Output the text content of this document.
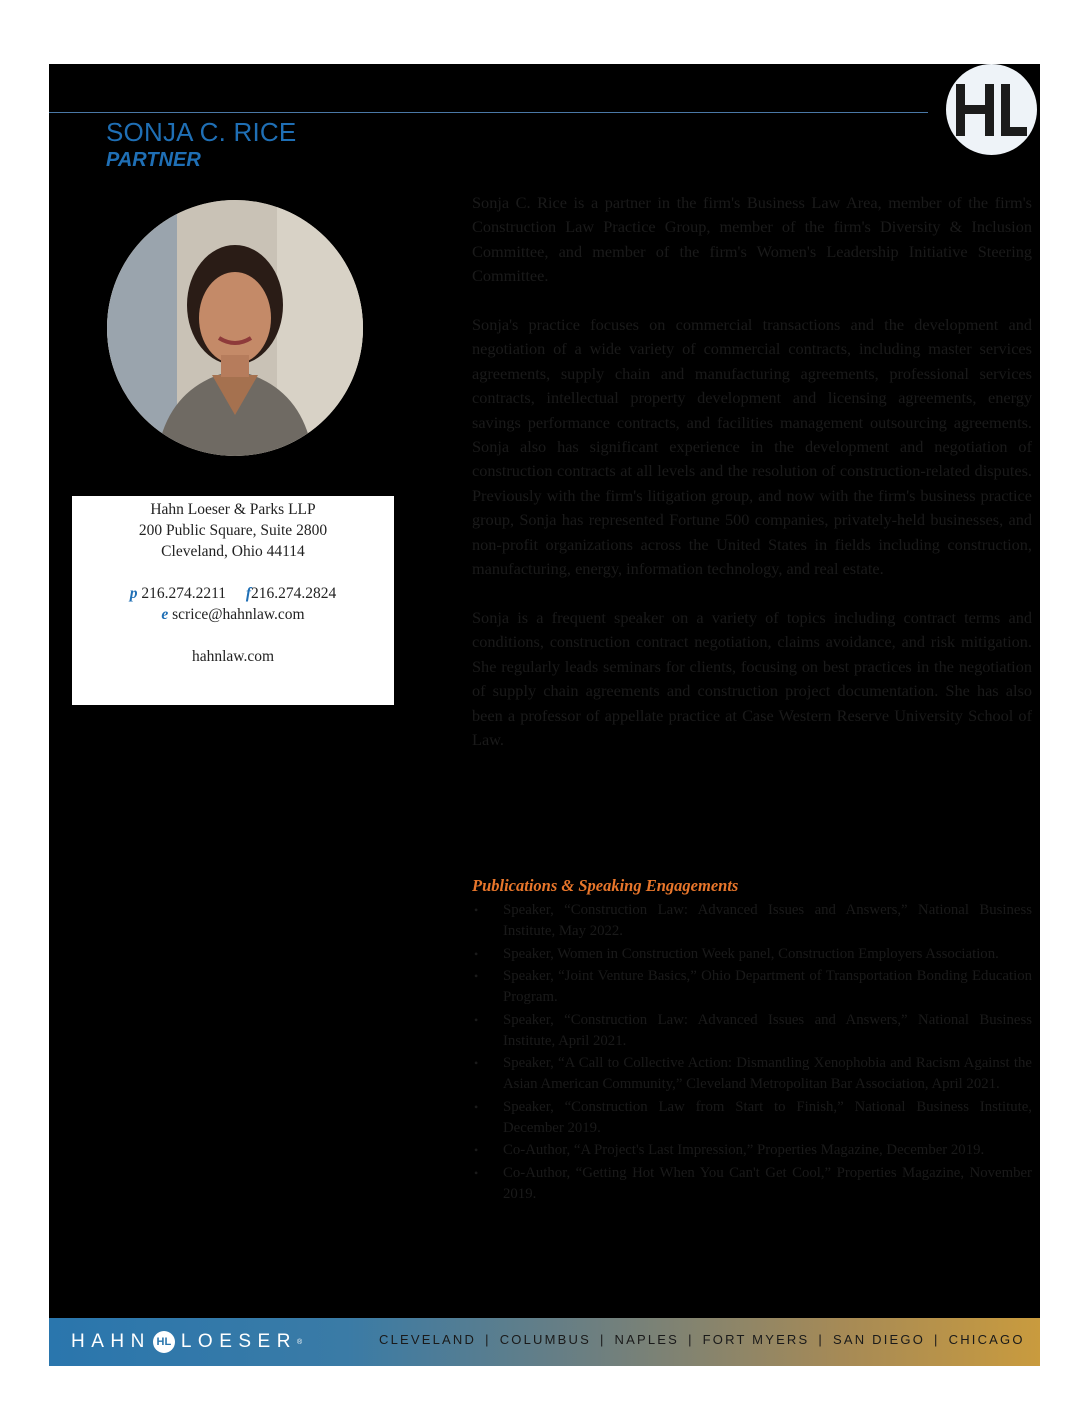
SONJA C. RICE
PARTNER
Hahn Loeser & Parks LLP
200 Public Square, Suite 2800
Cleveland, Ohio 44114
p 216.274.2211 f216.274.2824
e scrice@hahnlaw.com
hahnlaw.com

Sonja C. Rice is a partner in the firm's Business Law Area, member of the firm's Construction Law Practice Group, member of the firm's Diversity & Inclusion Committee, and member of the firm's Women's Leadership Initiative Steering Committee.

Sonja's practice focuses on commercial transactions and the development and negotiation of a wide variety of commercial contracts, including master services agreements, supply chain and manufacturing agreements, professional services contracts, intellectual property development and licensing agreements, energy savings performance contracts, and facilities management outsourcing agreements. Sonja also has significant experience in the development and negotiation of construction contracts at all levels and the resolution of construction-related disputes. Previously with the firm's litigation group, and now with the firm's business practice group, Sonja has represented Fortune 500 companies, privately-held businesses, and non-profit organizations across the United States in fields including construction, manufacturing, energy, information technology, and real estate.

Sonja is a frequent speaker on a variety of topics including contract terms and conditions, construction contract negotiation, claims avoidance, and risk mitigation. She regularly leads seminars for clients, focusing on best practices in the negotiation of supply chain agreements and construction project documentation. She has also been a professor of appellate practice at Case Western Reserve University School of Law.

Publications & Speaking Engagements
• Speaker, “Construction Law: Advanced Issues and Answers,” National Business Institute, May 2022.
• Speaker, Women in Construction Week panel, Construction Employers Association.
• Speaker, “Joint Venture Basics,” Ohio Department of Transportation Bonding Education Program.
• Speaker, “Construction Law: Advanced Issues and Answers,” National Business Institute, April 2021.
• Speaker, “A Call to Collective Action: Dismantling Xenophobia and Racism Against the Asian American Community,” Cleveland Metropolitan Bar Association, April 2021.
• Speaker, “Construction Law from Start to Finish,” National Business Institute, December 2019.
• Co-Author, “A Project's Last Impression,” Properties Magazine, December 2019.
• Co-Author, “Getting Hot When You Can't Get Cool,” Properties Magazine, November 2019.
HAHN HL LOESER ®	CLEVELAND | COLUMBUS | NAPLES | FORT MYERS | SAN DIEGO | CHICAGO
